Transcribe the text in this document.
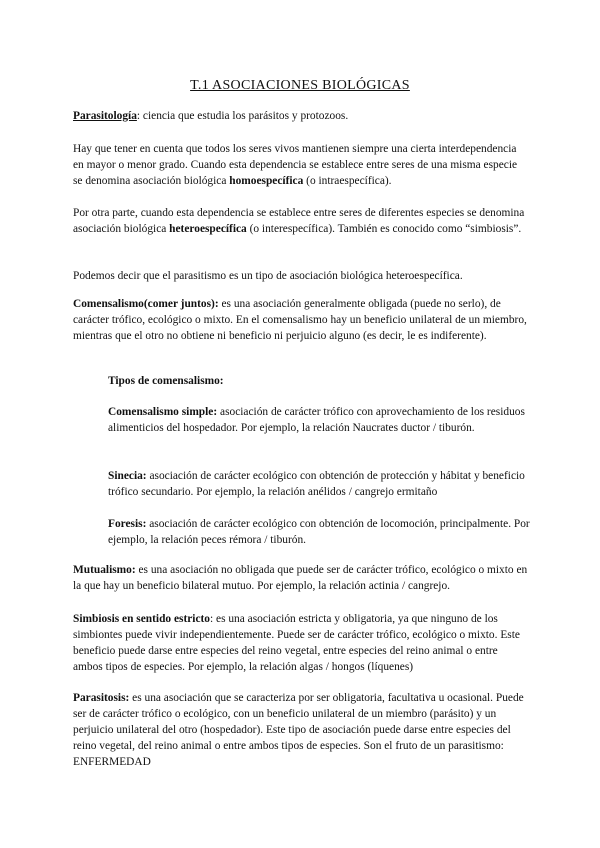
T.1 ASOCIACIONES BIOLÓGICAS

Parasitología: ciencia que estudia los parásitos y protozoos.

Hay que tener en cuenta que todos los seres vivos mantienen siempre una cierta interdependencia en mayor o menor grado. Cuando esta dependencia se establece entre seres de una misma especie se denomina asociación biológica homoespecífica (o intraespecífica).

Por otra parte, cuando esta dependencia se establece entre seres de diferentes especies se denomina asociación biológica heteroespecífica (o interespecífica). También es conocido como “simbiosis”.

Podemos decir que el parasitismo es un tipo de asociación biológica heteroespecífica.

Comensalismo(comer juntos): es una asociación generalmente obligada (puede no serlo), de carácter trófico, ecológico o mixto. En el comensalismo hay un beneficio unilateral de un miembro, mientras que el otro no obtiene ni beneficio ni perjuicio alguno (es decir, le es indiferente).

Tipos de comensalismo:

Comensalismo simple: asociación de carácter trófico con aprovechamiento de los residuos alimenticios del hospedador. Por ejemplo, la relación Naucrates ductor / tiburón.

Sinecia: asociación de carácter ecológico con obtención de protección y hábitat y beneficio trófico secundario. Por ejemplo, la relación anélidos / cangrejo ermitaño

Foresis: asociación de carácter ecológico con obtención de locomoción, principalmente. Por ejemplo, la relación peces rémora / tiburón.

Mutualismo: es una asociación no obligada que puede ser de carácter trófico, ecológico o mixto en la que hay un beneficio bilateral mutuo. Por ejemplo, la relación actinia / cangrejo.

Simbiosis en sentido estricto: es una asociación estricta y obligatoria, ya que ninguno de los simbiontes puede vivir independientemente. Puede ser de carácter trófico, ecológico o mixto. Este beneficio puede darse entre especies del reino vegetal, entre especies del reino animal o entre ambos tipos de especies. Por ejemplo, la relación algas / hongos (líquenes)

Parasitosis: es una asociación que se caracteriza por ser obligatoria, facultativa u ocasional. Puede ser de carácter trófico o ecológico, con un beneficio unilateral de un miembro (parásito) y un perjuicio unilateral del otro (hospedador). Este tipo de asociación puede darse entre especies del reino vegetal, del reino animal o entre ambos tipos de especies. Son el fruto de un parasitismo: ENFERMEDAD
